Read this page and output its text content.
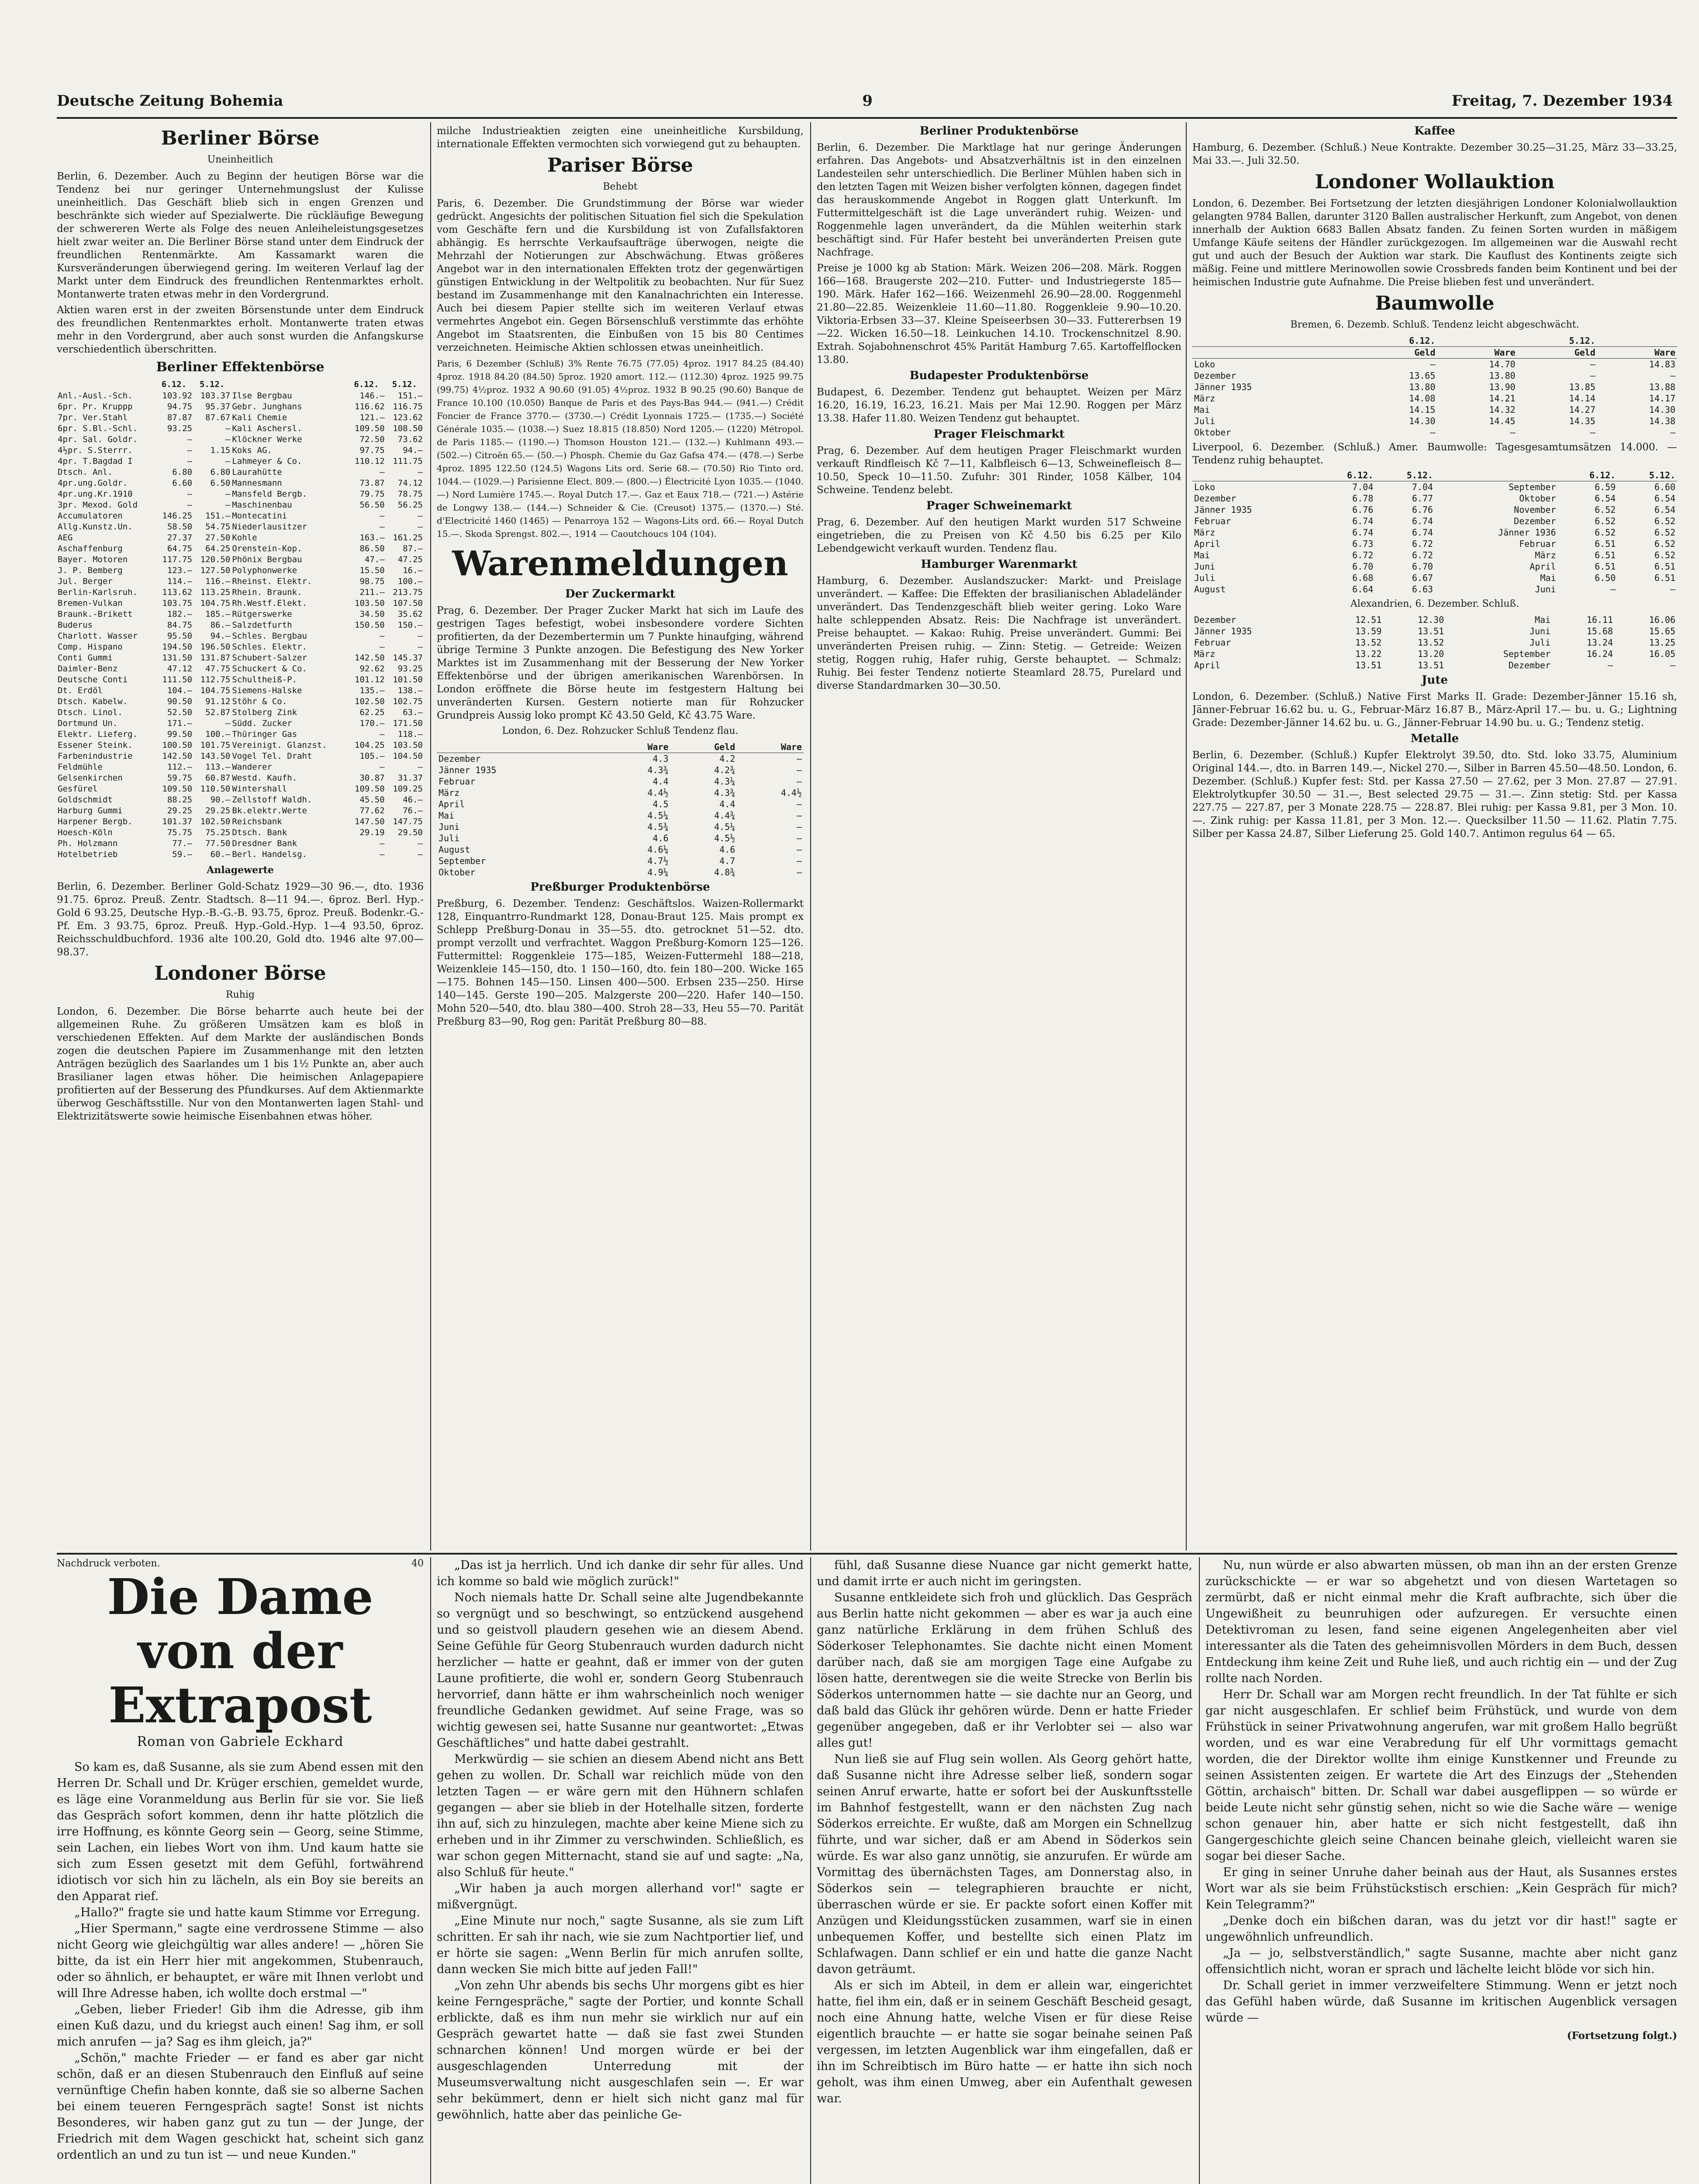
Deutsche Zeitung Bohemia	9	Freitag, 7. Dezember 1934
Berliner Börse
Uneinheitlich

Berlin, 6. Dezember. Auch zu Beginn der heutigen Börse war die Tendenz bei nur geringer Unternehmungslust der Kulisse uneinheitlich. Das Geschäft blieb sich in engen Grenzen und beschränkte sich wieder auf Spezialwerte. Die rückläufige Bewegung der schwereren Werte als Folge des neuen Anleiheleistungsgesetzes hielt zwar weiter an. Die Berliner Börse stand unter dem Eindruck der freundlichen Rentenmärkte. Am Kassamarkt waren die Kursveränderungen überwiegend gering. Im weiteren Verlauf lag der Markt unter dem Eindruck des freundlichen Rentenmarktes erholt. Montanwerte traten etwas mehr in den Vordergrund.

Aktien waren erst in der zweiten Börsenstunde unter dem Eindruck des freundlichen Rentenmarktes erholt. Montanwerte traten etwas mehr in den Vordergrund, aber auch sonst wurden die Anfangskurse verschiedentlich überschritten.

Berliner Effektenbörse
	6.12.	5.12.		6.12.	5.12.
Anl.-Ausl.-Sch.	103.92	103.37	Ilse Bergbau	146.–	151.–
6pr. Pr. Kruppp	94.75	95.37	Gebr. Junghans	116.62	116.75
7pr. Ver.Stahl	87.87	87.67	Kali Chemie	121.–	123.62
6pr. S.Bl.-Schl.	93.25	—	Kali Aschersl.	109.50	108.50
4pr. Sal. Goldr.	—	—	Klöckner Werke	72.50	73.62
4½pr. S.Sterrr.	—	1.15	Koks AG.	97.75	94.–
4pr. T.Bagdad I	—	—	Lahmeyer & Co.	110.12	111.75
Dtsch. Anl.	6.80	6.80	Laurahütte	—	—
4pr.ung.Goldr.	6.60	6.50	Mannesmann	73.87	74.12
4pr.ung.Kr.1910	—	—	Mansfeld Bergb.	79.75	78.75
3pr. Mexod. Gold	—	—	Maschinenbau	56.50	56.25
Accumulatoren	146.25	151.–	Montecatini	—	—
Allg.Kunstz.Un.	58.50	54.75	Niederlausitzer	—	—
AEG	27.37	27.50	Kohle	163.–	161.25
Aschaffenburg	64.75	64.25	Orenstein-Kop.	86.50	87.–
Bayer. Motoren	117.75	120.50	Phönix Bergbau	47.–	47.25
J. P. Bemberg	123.–	127.50	Polyphonwerke	15.50	16.–
Jul. Berger	114.–	116.–	Rheinst. Elektr.	98.75	100.–
Berlin-Karlsruh.	113.62	113.25	Rhein. Braunk.	211.–	213.75
Bremen-Vulkan	103.75	104.75	Rh.Westf.Elekt.	103.50	107.50
Braunk.-Brikett	182.–	185.–	Rütgerswerke	34.50	35.62
Buderus	84.75	86.–	Salzdetfurth	150.50	150.–
Charlott. Wasser	95.50	94.–	Schles. Bergbau	—	—
Comp. Hispano	194.50	196.50	Schles. Elektr.	—	—
Conti Gummi	131.50	131.87	Schubert-Salzer	142.50	145.37
Daimler-Benz	47.12	47.75	Schuckert & Co.	92.62	93.25
Deutsche Conti	111.50	112.75	Schultheiß-P.	101.12	101.50
Dt. Erdöl	104.–	104.75	Siemens-Halske	135.–	138.–
Dtsch. Kabelw.	90.50	91.12	Stöhr & Co.	102.50	102.75
Dtsch. Linol.	52.50	52.87	Stolberg Zink	62.25	63.–
Dortmund Un.	171.–	—	Südd. Zucker	170.–	171.50
Elektr. Lieferg.	99.50	100.–	Thüringer Gas	—	118.–
Essener Steink.	100.50	101.75	Vereinigt. Glanzst.	104.25	103.50
Farbenindustrie	142.50	143.50	Vogel Tel. Draht	105.–	104.50
Feldmühle	112.–	113.–	Wanderer	—	—
Gelsenkirchen	59.75	60.87	Westd. Kaufh.	30.87	31.37
Gesfürel	109.50	110.50	Wintershall	109.50	109.25
Goldschmidt	88.25	90.–	Zellstoff Waldh.	45.50	46.–
Harburg Gummi	29.25	29.25	Bk.elektr.Werte	77.62	76.–
Harpener Bergb.	101.37	102.50	Reichsbank	147.50	147.75
Hoesch-Köln	75.75	75.25	Dtsch. Bank	29.19	29.50
Ph. Holzmann	77.–	77.50	Dresdner Bank	—	—
Hotelbetrieb	59.–	60.–	Berl. Handelsg.	—	—
Anlagewerte

Berlin, 6. Dezember. Berliner Gold-Schatz 1929—30 96.—, dto. 1936 91.75. 6proz. Preuß. Zentr. Stadtsch. 8—11 94.—. 6proz. Berl. Hyp.-Gold 6 93.25, Deutsche Hyp.-B.-G.-B. 93.75, 6proz. Preuß. Bodenkr.-G.-Pf. Em. 3 93.75, 6proz. Preuß. Hyp.-Gold.-Hyp. 1—4 93.50, 6proz. Reichsschuldbuchford. 1936 alte 100.20, Gold dto. 1946 alte 97.00—98.37.

Londoner Börse
Ruhig

London, 6. Dezember. Die Börse beharrte auch heute bei der allgemeinen Ruhe. Zu größeren Umsätzen kam es bloß in verschiedenen Effekten. Auf dem Markte der ausländischen Bonds zogen die deutschen Papiere im Zusammenhange mit den letzten Anträgen bezüglich des Saarlandes um 1 bis 1½ Punkte an, aber auch Brasilianer lagen etwas höher. Die heimischen Anlagepapiere profitierten auf der Besserung des Pfundkurses. Auf dem Aktienmarkte überwog Geschäftsstille. Nur von den Montanwerten lagen Stahl- und Elektrizitätswerte sowie heimische Eisenbahnen etwas höher.

milche Industrieaktien zeigten eine uneinheitliche Kursbildung, internationale Effekten vermochten sich vorwiegend gut zu behaupten.

Pariser Börse
Behebt

Paris, 6. Dezember. Die Grundstimmung der Börse war wieder gedrückt. Angesichts der politischen Situation fiel sich die Spekulation vom Geschäfte fern und die Kursbildung ist von Zufallsfaktoren abhängig. Es herrschte Verkaufsaufträge überwogen, neigte die Mehrzahl der Notierungen zur Abschwächung. Etwas größeres Angebot war in den internationalen Effekten trotz der gegenwärtigen günstigen Entwicklung in der Weltpolitik zu beobachten. Nur für Suez bestand im Zusammenhange mit den Kanalnachrichten ein Interesse. Auch bei diesem Papier stellte sich im weiteren Verlauf etwas vermehrtes Angebot ein. Gegen Börsenschluß verstimmte das erhöhte Angebot im Staatsrenten, die Einbußen von 15 bis 80 Centimes verzeichneten. Heimische Aktien schlossen etwas uneinheitlich.

Paris, 6 Dezember (Schluß) 3% Rente 76.75 (77.05) 4proz. 1917 84.25 (84.40) 4proz. 1918 84.20 (84.50) 5proz. 1920 amort. 112.— (112.30) 4proz. 1925 99.75 (99.75) 4½proz. 1932 A 90.60 (91.05) 4½proz. 1932 B 90.25 (90.60) Banque de France 10.100 (10.050) Banque de Paris et des Pays-Bas 944.— (941.—) Crédit Foncier de France 3770.— (3730.—) Crédit Lyonnais 1725.— (1735.—) Société Générale 1035.— (1038.—) Suez 18.815 (18.850) Nord 1205.— (1220) Métropol. de Paris 1185.— (1190.—) Thomson Houston 121.— (132.—) Kuhlmann 493.— (502.—) Citroën 65.— (50.—) Phosph. Chemie du Gaz Gafsa 474.— (478.—) Serbe 4proz. 1895 122.50 (124.5) Wagons Lits ord. Serie 68.— (70.50) Rio Tinto ord. 1044.— (1029.—) Parisienne Elect. 809.— (800.—) Électricité Lyon 1035.— (1040.—) Nord Lumière 1745.—. Royal Dutch 17.—. Gaz et Eaux 718.— (721.—) Astérie de Longwy 138.— (144.—) Schneider & Cie. (Creusot) 1375.— (1370.—) Sté. d'Electricité 1460 (1465) — Penarroya 152 — Wagons-Lits ord. 66.— Royal Dutch 15.—. Skoda Sprengst. 802.—, 1914 — Caoutchoucs 104 (104).

Warenmeldungen
Der Zuckermarkt

Prag, 6. Dezember. Der Prager Zucker Markt hat sich im Laufe des gestrigen Tages befestigt, wobei insbesondere vordere Sichten profitierten, da der Dezembertermin um 7 Punkte hinaufging, während übrige Termine 3 Punkte anzogen. Die Befestigung des New Yorker Marktes ist im Zusammenhang mit der Besserung der New Yorker Effektenbörse und der übrigen amerikanischen Warenbörsen. In London eröffnete die Börse heute im festgestern Haltung bei unveränderten Kursen. Gestern notierte man für Rohzucker Grundpreis Aussig loko prompt Kč 43.50 Geld, Kč 43.75 Ware.

London, 6. Dez. Rohzucker Schluß Tendenz flau.
	Ware	Geld	Ware
Dezember	4.3	4.2	—
Jänner 1935	4.3¾	4.2¾	—
Februar	4.4	4.3¼	—
März	4.4½	4.3¾	4.4½
April	4.5	4.4	—
Mai	4.5¼	4.4¾	—
Juni	4.5¾	4.5¼	—
Juli	4.6	4.5½	—
August	4.6¼	4.6	—
September	4.7½	4.7	—
Oktober	4.9¼	4.8¾	—
Preßburger Produktenbörse

Preßburg, 6. Dezember. Tendenz: Geschäftslos. Waizen-Rollermarkt 128, Einquantrro-Rundmarkt 128, Donau-Braut 125. Mais prompt ex Schlepp Preßburg-Donau in 35—55. dto. getrocknet 51—52. dto. prompt verzollt und verfrachtet. Waggon Preßburg-Komorn 125—126. Futtermittel: Roggenkleie 175—185, Weizen-Futtermehl 188—218, Weizenkleie 145—150, dto. 1 150—160, dto. fein 180—200. Wicke 165—175. Bohnen 145—150. Linsen 400—500. Erbsen 235—250. Hirse 140—145. Gerste 190—205. Malzgerste 200—220. Hafer 140—150. Mohn 520—540, dto. blau 380—400. Stroh 28—33, Heu 55—70. Parität Preßburg 83—90, Rog gen: Parität Preßburg 80—88.

Berliner Produktenbörse

Berlin, 6. Dezember. Die Marktlage hat nur geringe Änderungen erfahren. Das Angebots- und Absatzverhältnis ist in den einzelnen Landesteilen sehr unterschiedlich. Die Berliner Mühlen haben sich in den letzten Tagen mit Weizen bisher verfolgten können, dagegen findet das herauskommende Angebot in Roggen glatt Unterkunft. Im Futtermittelgeschäft ist die Lage unverändert ruhig. Weizen- und Roggenmehle lagen unverändert, da die Mühlen weiterhin stark beschäftigt sind. Für Hafer besteht bei unveränderten Preisen gute Nachfrage.

Preise je 1000 kg ab Station: Märk. Weizen 206—208. Märk. Roggen 166—168. Braugerste 202—210. Futter- und Industriegerste 185—190. Märk. Hafer 162—166. Weizenmehl 26.90—28.00. Roggenmehl 21.80—22.85. Weizenkleie 11.60—11.80. Roggenkleie 9.90—10.20. Viktoria-Erbsen 33—37. Kleine Speiseerbsen 30—33. Futtererbsen 19—22. Wicken 16.50—18. Leinkuchen 14.10. Trockenschnitzel 8.90. Extrah. Sojabohnenschrot 45% Parität Hamburg 7.65. Kartoffelflocken 13.80.

Budapester Produktenbörse

Budapest, 6. Dezember. Tendenz gut behauptet. Weizen per März 16.20, 16.19, 16.23, 16.21. Mais per Mai 12.90. Roggen per März 13.38. Hafer 11.80. Weizen Tendenz gut behauptet.

Prager Fleischmarkt

Prag, 6. Dezember. Auf dem heutigen Prager Fleischmarkt wurden verkauft Rindfleisch Kč 7—11, Kalbfleisch 6—13, Schweinefleisch 8—10.50, Speck 10—11.50. Zufuhr: 301 Rinder, 1058 Kälber, 104 Schweine. Tendenz belebt.

Prager Schweinemarkt

Prag, 6. Dezember. Auf den heutigen Markt wurden 517 Schweine eingetrieben, die zu Preisen von Kč 4.50 bis 6.25 per Kilo Lebendgewicht verkauft wurden. Tendenz flau.

Hamburger Warenmarkt

Hamburg, 6. Dezember. Auslandszucker: Markt- und Preislage unverändert. — Kaffee: Die Effekten der brasilianischen Abladeländer unverändert. Das Tendenzgeschäft blieb weiter gering. Loko Ware halte schleppenden Absatz. Reis: Die Nachfrage ist unverändert. Preise behauptet. — Kakao: Ruhig. Preise unverändert. Gummi: Bei unveränderten Preisen ruhig. — Zinn: Stetig. — Getreide: Weizen stetig, Roggen ruhig, Hafer ruhig, Gerste behauptet. — Schmalz: Ruhig. Bei fester Tendenz notierte Steamlard 28.75, Purelard und diverse Standardmarken 30—30.50.

Kaffee

Hamburg, 6. Dezember. (Schluß.) Neue Kontrakte. Dezember 30.25—31.25, März 33—33.25, Mai 33.—. Juli 32.50.

Londoner Wollauktion

London, 6. Dezember. Bei Fortsetzung der letzten diesjährigen Londoner Kolonialwollauktion gelangten 9784 Ballen, darunter 3120 Ballen australischer Herkunft, zum Angebot, von denen innerhalb der Auktion 6683 Ballen Absatz fanden. Zu feinen Sorten wurden in mäßigem Umfange Käufe seitens der Händler zurückgezogen. Im allgemeinen war die Auswahl recht gut und auch der Besuch der Auktion war stark. Die Kauflust des Kontinents zeigte sich mäßig. Feine und mittlere Merinowollen sowie Crossbreds fanden beim Kontinent und bei der heimischen Industrie gute Aufnahme. Die Preise blieben fest und unverändert.

Baumwolle
Bremen, 6. Dezemb. Schluß. Tendenz leicht abgeschwächt.
	6.12.		5.12.	
	Geld	Ware	Geld	Ware
Loko	—	14.70	—	14.83
Dezember	13.65	13.80	—	—
Jänner 1935	13.80	13.90	13.85	13.88
März	14.08	14.21	14.14	14.17
Mai	14.15	14.32	14.27	14.30
Juli	14.30	14.45	14.35	14.38
Oktober	—	—	—	—

Liverpool, 6. Dezember. (Schluß.) Amer. Baumwolle: Tagesgesamtumsätzen 14.000. — Tendenz ruhig behauptet.

	6.12.	5.12.		6.12.	5.12.
Loko	7.04	7.04	September	6.59	6.60
Dezember	6.78	6.77	Oktober	6.54	6.54
Jänner 1935	6.76	6.76	November	6.52	6.54
Februar	6.74	6.74	Dezember	6.52	6.52
März	6.74	6.74	Jänner 1936	6.52	6.52
April	6.73	6.72	Februar	6.51	6.52
Mai	6.72	6.72	März	6.51	6.52
Juni	6.70	6.70	April	6.51	6.51
Juli	6.68	6.67	Mai	6.50	6.51
August	6.64	6.63	Juni	—	—
Alexandrien, 6. Dezember. Schluß.
Dezember	12.51	12.30	Mai	16.11	16.06
Jänner 1935	13.59	13.51	Juni	15.68	15.65
Februar	13.52	13.52	Juli	13.24	13.25
März	13.22	13.20	September	16.24	16.05
April	13.51	13.51	Dezember	—	—
Jute

London, 6. Dezember. (Schluß.) Native First Marks II. Grade: Dezember-Jänner 15.16 sh, Jänner-Februar 16.62 bu. u. G., Februar-März 16.87 B., März-April 17.— bu. u. G.; Lightning Grade: Dezember-Jänner 14.62 bu. u. G., Jänner-Februar 14.90 bu. u. G.; Tendenz stetig.

Metalle

Berlin, 6. Dezember. (Schluß.) Kupfer Elektrolyt 39.50, dto. Std. loko 33.75, Aluminium Original 144.—, dto. in Barren 149.—, Nickel 270.—, Silber in Barren 45.50—48.50. London, 6. Dezember. (Schluß.) Kupfer fest: Std. per Kassa 27.50 — 27.62, per 3 Mon. 27.87 — 27.91. Elektrolytkupfer 30.50 — 31.—, Best selected 29.75 — 31.—. Zinn stetig: Std. per Kassa 227.75 — 227.87, per 3 Monate 228.75 — 228.87. Blei ruhig: per Kassa 9.81, per 3 Mon. 10.—. Zink ruhig: per Kassa 11.81, per 3 Mon. 12.—. Quecksilber 11.50 — 11.62. Platin 7.75. Silber per Kassa 24.87, Silber Lieferung 25. Gold 140.7. Antimon regulus 64 — 65.

Nachdruck verboten.	40
Die Dame
von der Extrapost
Roman von Gabriele Eckhard

So kam es, daß Susanne, als sie zum Abend essen mit den Herren Dr. Schall und Dr. Krüger erschien, gemeldet wurde, es läge eine Voranmeldung aus Berlin für sie vor. Sie ließ das Gespräch sofort kommen, denn ihr hatte plötzlich die irre Hoffnung, es könnte Georg sein — Georg, seine Stimme, sein Lachen, ein liebes Wort von ihm. Und kaum hatte sie sich zum Essen gesetzt mit dem Gefühl, fortwährend idiotisch vor sich hin zu lächeln, als ein Boy sie bereits an den Apparat rief.

„Hallo?" fragte sie und hatte kaum Stimme vor Erregung.

„Hier Spermann," sagte eine verdrossene Stimme — also nicht Georg wie gleichgültig war alles andere! — „hören Sie bitte, da ist ein Herr hier mit angekommen, Stubenrauch, oder so ähnlich, er behauptet, er wäre mit Ihnen verlobt und will Ihre Adresse haben, ich wollte doch erstmal —"

„Geben, lieber Frieder! Gib ihm die Adresse, gib ihm einen Kuß dazu, und du kriegst auch einen! Sag ihm, er soll mich anrufen — ja? Sag es ihm gleich, ja?"

„Schön," machte Frieder — er fand es aber gar nicht schön, daß er an diesen Stubenrauch den Einfluß auf seine vernünftige Chefin haben konnte, daß sie so alberne Sachen bei einem teueren Ferngespräch sagte! Sonst ist nichts Besonderes, wir haben ganz gut zu tun — der Junge, der Friedrich mit dem Wagen geschickt hat, scheint sich ganz ordentlich an und zu tun ist — und neue Kunden."

„Das ist ja herrlich. Und ich danke dir sehr für alles. Und ich komme so bald wie möglich zurück!"

Noch niemals hatte Dr. Schall seine alte Jugendbekannte so vergnügt und so beschwingt, so entzückend ausgehend und so geistvoll plaudern gesehen wie an diesem Abend. Seine Gefühle für Georg Stubenrauch wurden dadurch nicht herzlicher — hatte er geahnt, daß er immer von der guten Laune profitierte, die wohl er, sondern Georg Stubenrauch hervorrief, dann hätte er ihm wahrscheinlich noch weniger freundliche Gedanken gewidmet. Auf seine Frage, was so wichtig gewesen sei, hatte Susanne nur geantwortet: „Etwas Geschäftliches" und hatte dabei gestrahlt.

Merkwürdig — sie schien an diesem Abend nicht ans Bett gehen zu wollen. Dr. Schall war reichlich müde von den letzten Tagen — er wäre gern mit den Hühnern schlafen gegangen — aber sie blieb in der Hotelhalle sitzen, forderte ihn auf, sich zu hinzulegen, machte aber keine Miene sich zu erheben und in ihr Zimmer zu verschwinden. Schließlich, es war schon gegen Mitternacht, stand sie auf und sagte: „Na, also Schluß für heute."

„Wir haben ja auch morgen allerhand vor!" sagte er mißvergnügt.

„Eine Minute nur noch," sagte Susanne, als sie zum Lift schritten. Er sah ihr nach, wie sie zum Nachtportier lief, und er hörte sie sagen: „Wenn Berlin für mich anrufen sollte, dann wecken Sie mich bitte auf jeden Fall!"

„Von zehn Uhr abends bis sechs Uhr morgens gibt es hier keine Ferngespräche," sagte der Portier, und konnte Schall erblickte, daß es ihm nun mehr sie wirklich nur auf ein Gespräch gewartet hatte — daß sie fast zwei Stunden schnarchen können! Und morgen würde er bei der ausgeschlagenden Unterredung mit der Museumsverwaltung nicht ausgeschlafen sein —. Er war sehr bekümmert, denn er hielt sich nicht ganz mal für gewöhnlich, hatte aber das peinliche Ge-

fühl, daß Susanne diese Nuance gar nicht gemerkt hatte, und damit irrte er auch nicht im geringsten.

Susanne entkleidete sich froh und glücklich. Das Gespräch aus Berlin hatte nicht gekommen — aber es war ja auch eine ganz natürliche Erklärung in dem frühen Schluß des Söderkoser Telephonamtes. Sie dachte nicht einen Moment darüber nach, daß sie am morgigen Tage eine Aufgabe zu lösen hatte, derentwegen sie die weite Strecke von Berlin bis Söderkos unternommen hatte — sie dachte nur an Georg, und daß bald das Glück ihr gehören würde. Denn er hatte Frieder gegenüber angegeben, daß er ihr Verlobter sei — also war alles gut!

Nun ließ sie auf Flug sein wollen. Als Georg gehört hatte, daß Susanne nicht ihre Adresse selber ließ, sondern sogar seinen Anruf erwarte, hatte er sofort bei der Auskunftsstelle im Bahnhof festgestellt, wann er den nächsten Zug nach Söderkos erreichte. Er wußte, daß am Morgen ein Schnellzug führte, und war sicher, daß er am Abend in Söderkos sein würde. Es war also ganz unnötig, sie anzurufen. Er würde am Vormittag des übernächsten Tages, am Donnerstag also, in Söderkos sein — telegraphieren brauchte er nicht, überraschen würde er sie. Er packte sofort einen Koffer mit Anzügen und Kleidungsstücken zusammen, warf sie in einen unbequemen Koffer, und bestellte sich einen Platz im Schlafwagen. Dann schlief er ein und hatte die ganze Nacht davon geträumt.

Als er sich im Abteil, in dem er allein war, eingerichtet hatte, fiel ihm ein, daß er in seinem Geschäft Bescheid gesagt, noch eine Ahnung hatte, welche Visen er für diese Reise eigentlich brauchte — er hatte sie sogar beinahe seinen Paß vergessen, im letzten Augenblick war ihm eingefallen, daß er ihn im Schreibtisch im Büro hatte — er hatte ihn sich noch geholt, was ihm einen Umweg, aber ein Aufenthalt gewesen war.

Nu, nun würde er also abwarten müssen, ob man ihn an der ersten Grenze zurückschickte — er war so abgehetzt und von diesen Wartetagen so zermürbt, daß er nicht einmal mehr die Kraft aufbrachte, sich über die Ungewißheit zu beunruhigen oder aufzuregen. Er versuchte einen Detektivroman zu lesen, fand seine eigenen Angelegenheiten aber viel interessanter als die Taten des geheimnisvollen Mörders in dem Buch, dessen Entdeckung ihm keine Zeit und Ruhe ließ, und auch richtig ein — und der Zug rollte nach Norden.

Herr Dr. Schall war am Morgen recht freundlich. In der Tat fühlte er sich gar nicht ausgeschlafen. Er schlief beim Frühstück, und wurde von dem Frühstück in seiner Privatwohnung angerufen, war mit großem Hallo begrüßt worden, und es war eine Verabredung für elf Uhr vormittags gemacht worden, die der Direktor wollte ihm einige Kunstkenner und Freunde zu seinen Assistenten zeigen. Er wartete die Art des Einzugs der „Stehenden Göttin, archaisch" bitten. Dr. Schall war dabei ausgeflippen — so würde er beide Leute nicht sehr günstig sehen, nicht so wie die Sache wäre — wenige schon genauer hin, aber hatte er sich nicht festgestellt, daß ihn Gangergeschichte gleich seine Chancen beinahe gleich, vielleicht waren sie sogar bei dieser Sache.

Er ging in seiner Unruhe daher beinah aus der Haut, als Susannes erstes Wort war als sie beim Frühstückstisch erschien: „Kein Gespräch für mich? Kein Telegramm?"

„Denke doch ein bißchen daran, was du jetzt vor dir hast!" sagte er ungewöhnlich unfreundlich.

„Ja — jo, selbstverständlich," sagte Susanne, machte aber nicht ganz offensichtlich nicht, woran er sprach und lächelte leicht blöde vor sich hin.

Dr. Schall geriet in immer verzweifeltere Stimmung. Wenn er jetzt noch das Gefühl haben würde, daß Susanne im kritischen Augenblick versagen würde —

(Fortsetzung folgt.)
